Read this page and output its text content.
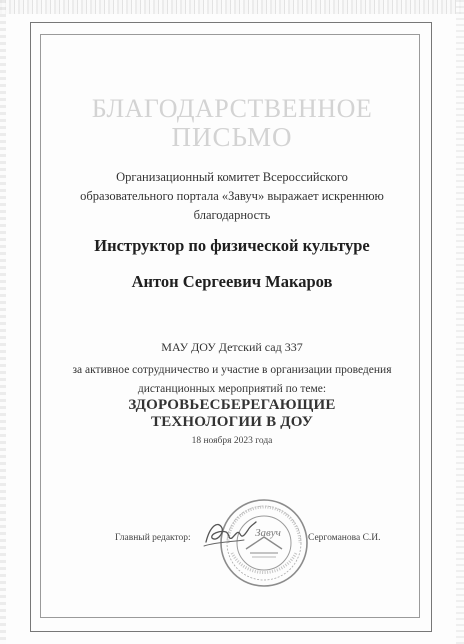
БЛАГОДАРСТВЕННОЕ
ПИСЬМО
Организационный комитет Всероссийского
образовательного портала «Завуч» выражает искреннюю
благодарность
Инструктор по физической культуре
Антон Сергеевич Макаров
МАУ ДОУ Детский сад 337
за активное сотрудничество и участие в организации проведения
дистанционных мероприятий по теме:
ЗДОРОВЬЕСБЕРЕГАЮЩИЕ
ТЕХНОЛОГИИ В ДОУ
18 ноября 2023 года
Главный редактор:	Завуч	Сергоманова С.И.
